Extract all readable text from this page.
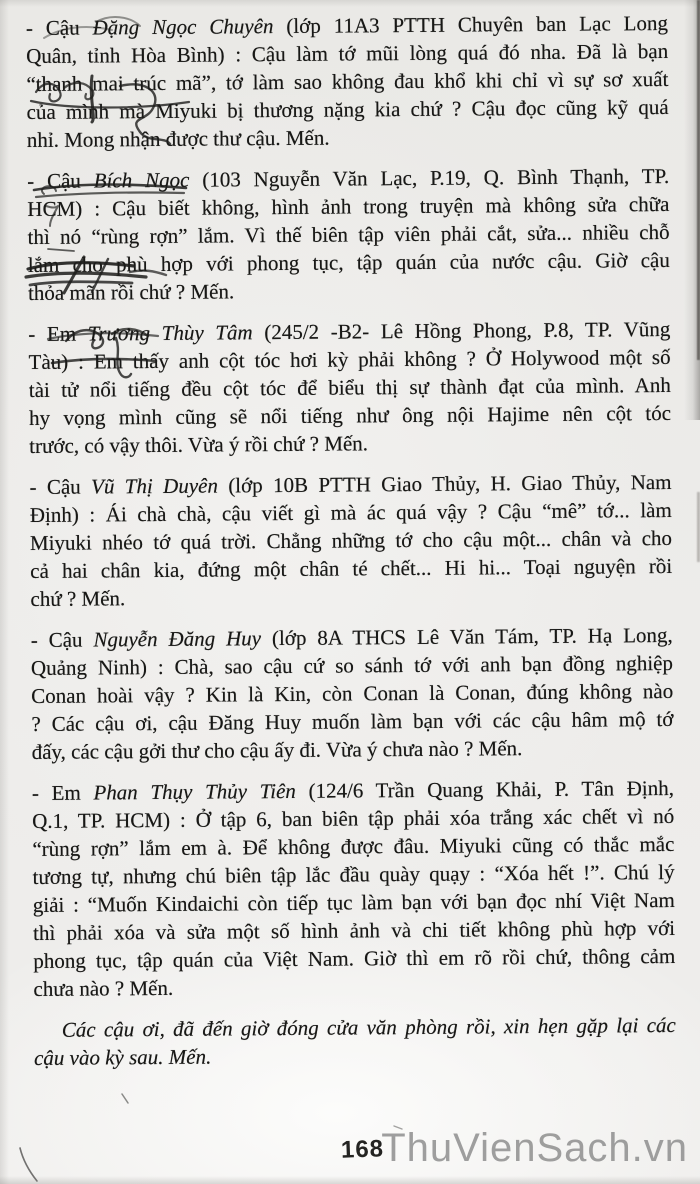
- Cậu Đặng Ngọc Chuyên (lớp 11A3 PTTH Chuyên ban Lạc Long
Quân, tỉnh Hòa Bình) : Cậu làm tớ mũi lòng quá đó nha. Đã là bạn
“thanh mai trúc mã”, tớ làm sao không đau khổ khi chỉ vì sự sơ xuất
của mình mà Miyuki bị thương nặng kia chứ ? Cậu đọc cũng kỹ quá
nhỉ. Mong nhận được thư cậu. Mến.
- Cậu Bích Ngọc (103 Nguyễn Văn Lạc, P.19, Q. Bình Thạnh, TP.
HCM) : Cậu biết không, hình ảnh trong truyện mà không sửa chữa
thì nó “rùng rợn” lắm. Vì thế biên tập viên phải cắt, sửa... nhiều chỗ
lắm cho phù hợp với phong tục, tập quán của nước cậu. Giờ cậu
thỏa mãn rồi chứ ? Mến.
- Em Trương Thùy Tâm (245/2 -B2- Lê Hồng Phong, P.8, TP. Vũng
Tàu) : Em thấy anh cột tóc hơi kỳ phải không ? Ở Holywood một số
tài tử nổi tiếng đều cột tóc để biểu thị sự thành đạt của mình. Anh
hy vọng mình cũng sẽ nổi tiếng như ông nội Hajime nên cột tóc
trước, có vậy thôi. Vừa ý rồi chứ ? Mến.
- Cậu Vũ Thị Duyên (lớp 10B PTTH Giao Thủy, H. Giao Thủy, Nam
Định) : Ái chà chà, cậu viết gì mà ác quá vậy ? Cậu “mê” tớ... làm
Miyuki nhéo tớ quá trời. Chẳng những tớ cho cậu một... chân và cho
cả hai chân kia, đứng một chân té chết... Hi hi... Toại nguyện rồi
chứ ? Mến.
- Cậu Nguyễn Đăng Huy (lớp 8A THCS Lê Văn Tám, TP. Hạ Long,
Quảng Ninh) : Chà, sao cậu cứ so sánh tớ với anh bạn đồng nghiệp
Conan hoài vậy ? Kin là Kin, còn Conan là Conan, đúng không nào
? Các cậu ơi, cậu Đăng Huy muốn làm bạn với các cậu hâm mộ tớ
đấy, các cậu gởi thư cho cậu ấy đi. Vừa ý chưa nào ? Mến.
- Em Phan Thụy Thủy Tiên (124/6 Trần Quang Khải, P. Tân Định,
Q.1, TP. HCM) : Ở tập 6, ban biên tập phải xóa trắng xác chết vì nó
“rùng rợn” lắm em à. Để không được đâu. Miyuki cũng có thắc mắc
tương tự, nhưng chú biên tập lắc đầu quày quạy : “Xóa hết !”. Chú lý
giải : “Muốn Kindaichi còn tiếp tục làm bạn với bạn đọc nhí Việt Nam
thì phải xóa và sửa một số hình ảnh và chi tiết không phù hợp với
phong tục, tập quán của Việt Nam. Giờ thì em rõ rồi chứ, thông cảm
chưa nào ? Mến.
Các cậu ơi, đã đến giờ đóng cửa văn phòng rồi, xin hẹn gặp lại các
cậu vào kỳ sau. Mến.
168
ThuVienSach.vn
